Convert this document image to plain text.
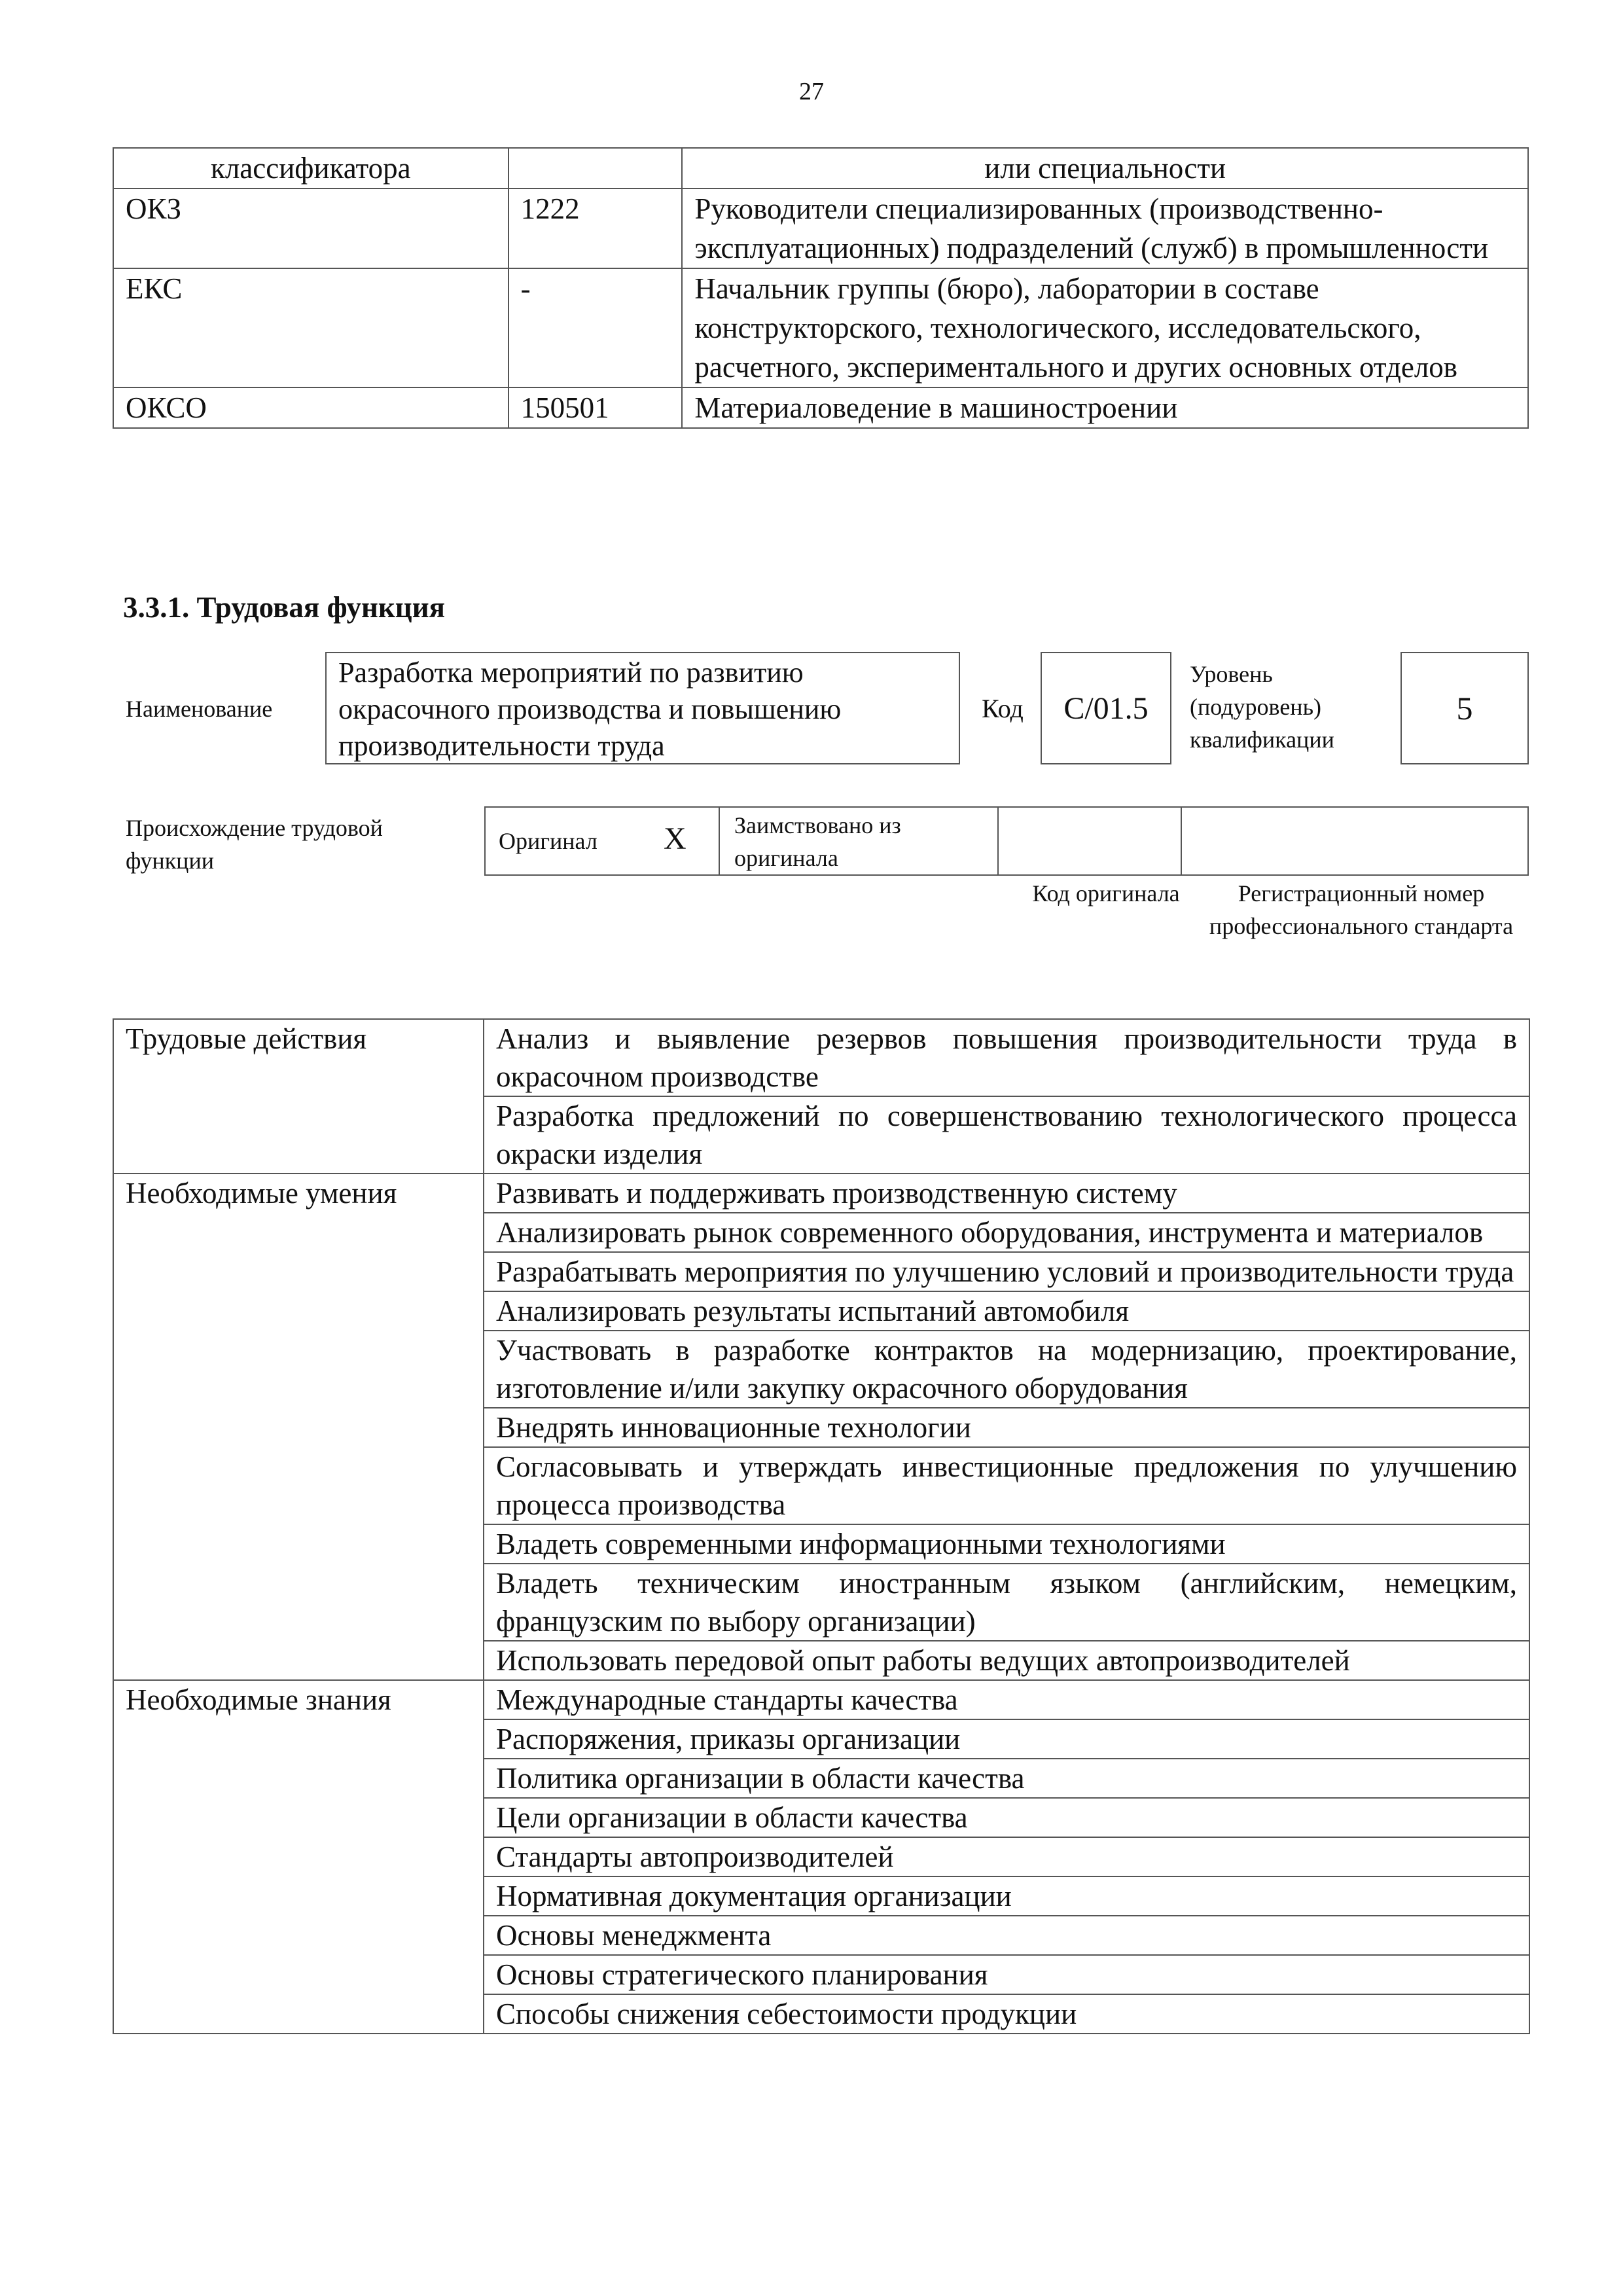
27
классификатора		или специальности
ОКЗ	1222	Руководители специализированных (производственно-эксплуатационных) подразделений (служб) в промышленности
ЕКС	-	Начальник группы (бюро), лаборатории в составе конструкторского, технологического, исследовательского, расчетного, экспериментального и других основных отделов
ОКСО	150501	Материаловедение в машиностроении
3.3.1. Трудовая функция
Наименование
Разработка мероприятий по развитию окрасочного производства и повышению производительности труда
Код	C/01.5
Уровень (подуровень) квалификации
5
Происхождение трудовой функции
Оригинал X Заимствовано из оригинала
Код оригинала	Регистрационный номер профессионального стандарта
Трудовые действия	Анализ и выявление резервов повышения производительности труда в окрасочном производстве
	Разработка предложений по совершенствованию технологического процесса окраски изделия
Необходимые умения	Развивать и поддерживать производственную систему
	Анализировать рынок современного оборудования, инструмента и материалов
	Разрабатывать мероприятия по улучшению условий и производительности труда
	Анализировать результаты испытаний автомобиля
	Участвовать в разработке контрактов на модернизацию, проектирование, изготовление и/или закупку окрасочного оборудования
	Внедрять инновационные технологии
	Согласовывать и утверждать инвестиционные предложения по улучшению процесса производства
	Владеть современными информационными технологиями
	Владеть техническим иностранным языком (английским, немецким, французским по выбору организации)
	Использовать передовой опыт работы ведущих автопроизводителей
Необходимые знания	Международные стандарты качества
	Распоряжения, приказы организации
	Политика организации в области качества
	Цели организации в области качества
	Стандарты автопроизводителей
	Нормативная документация организации
	Основы менеджмента
	Основы стратегического планирования
	Способы снижения себестоимости продукции
